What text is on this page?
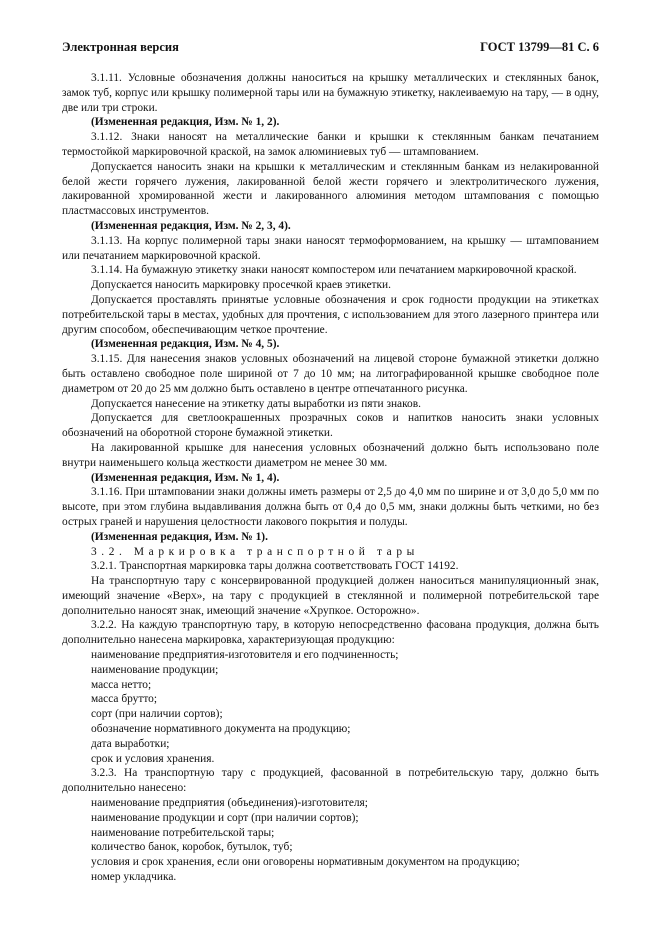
Электронная версия	ГОСТ 13799—81 С. 6

3.1.11. Условные обозначения должны наноситься на крышку металлических и стеклянных банок, замок туб, корпус или крышку полимерной тары или на бумажную этикетку, наклеиваемую на тару, — в одну, две или три строки.

(Измененная редакция, Изм. № 1, 2).

3.1.12. Знаки наносят на металлические банки и крышки к стеклянным банкам печатанием термостойкой маркировочной краской, на замок алюминиевых туб — штампованием.

Допускается наносить знаки на крышки к металлическим и стеклянным банкам из нелакированной белой жести горячего лужения, лакированной белой жести горячего и электролитического лужения, лакированной хромированной жести и лакированного алюминия методом штампования с помощью пластмассовых инструментов.

(Измененная редакция, Изм. № 2, 3, 4).

3.1.13. На корпус полимерной тары знаки наносят термоформованием, на крышку — штампованием или печатанием маркировочной краской.

3.1.14. На бумажную этикетку знаки наносят компостером или печатанием маркировочной краской.

Допускается наносить маркировку просечкой краев этикетки.

Допускается проставлять принятые условные обозначения и срок годности продукции на этикетках потребительской тары в местах, удобных для прочтения, с использованием для этого лазерного принтера или другим способом, обеспечивающим четкое прочтение.

(Измененная редакция, Изм. № 4, 5).

3.1.15. Для нанесения знаков условных обозначений на лицевой стороне бумажной этикетки должно быть оставлено свободное поле шириной от 7 до 10 мм; на литографированной крышке свободное поле диаметром от 20 до 25 мм должно быть оставлено в центре отпечатанного рисунка.

Допускается нанесение на этикетку даты выработки из пяти знаков.

Допускается для светлоокрашенных прозрачных соков и напитков наносить знаки условных обозначений на оборотной стороне бумажной этикетки.

На лакированной крышке для нанесения условных обозначений должно быть использовано поле внутри наименьшего кольца жесткости диаметром не менее 30 мм.

(Измененная редакция, Изм. № 1, 4).

3.1.16. При штамповании знаки должны иметь размеры от 2,5 до 4,0 мм по ширине и от 3,0 до 5,0 мм по высоте, при этом глубина выдавливания должна быть от 0,4 до 0,5 мм, знаки должны быть четкими, но без острых граней и нарушения целостности лакового покрытия и полуды.

(Измененная редакция, Изм. № 1).

3.2. Маркировка транспортной тары

3.2.1. Транспортная маркировка тары должна соответствовать ГОСТ 14192.

На транспортную тару с консервированной продукцией должен наноситься манипуляционный знак, имеющий значение «Верх», на тару с продукцией в стеклянной и полимерной потребительской таре дополнительно наносят знак, имеющий значение «Хрупкое. Осторожно».

3.2.2. На каждую транспортную тару, в которую непосредственно фасована продукция, должна быть дополнительно нанесена маркировка, характеризующая продукцию:

наименование предприятия-изготовителя и его подчиненность;

наименование продукции;

масса нетто;

масса брутто;

сорт (при наличии сортов);

обозначение нормативного документа на продукцию;

дата выработки;

срок и условия хранения.

3.2.3. На транспортную тару с продукцией, фасованной в потребительскую тару, должно быть дополнительно нанесено:

наименование предприятия (объединения)-изготовителя;

наименование продукции и сорт (при наличии сортов);

наименование потребительской тары;

количество банок, коробок, бутылок, туб;

условия и срок хранения, если они оговорены нормативным документом на продукцию;

номер укладчика.
